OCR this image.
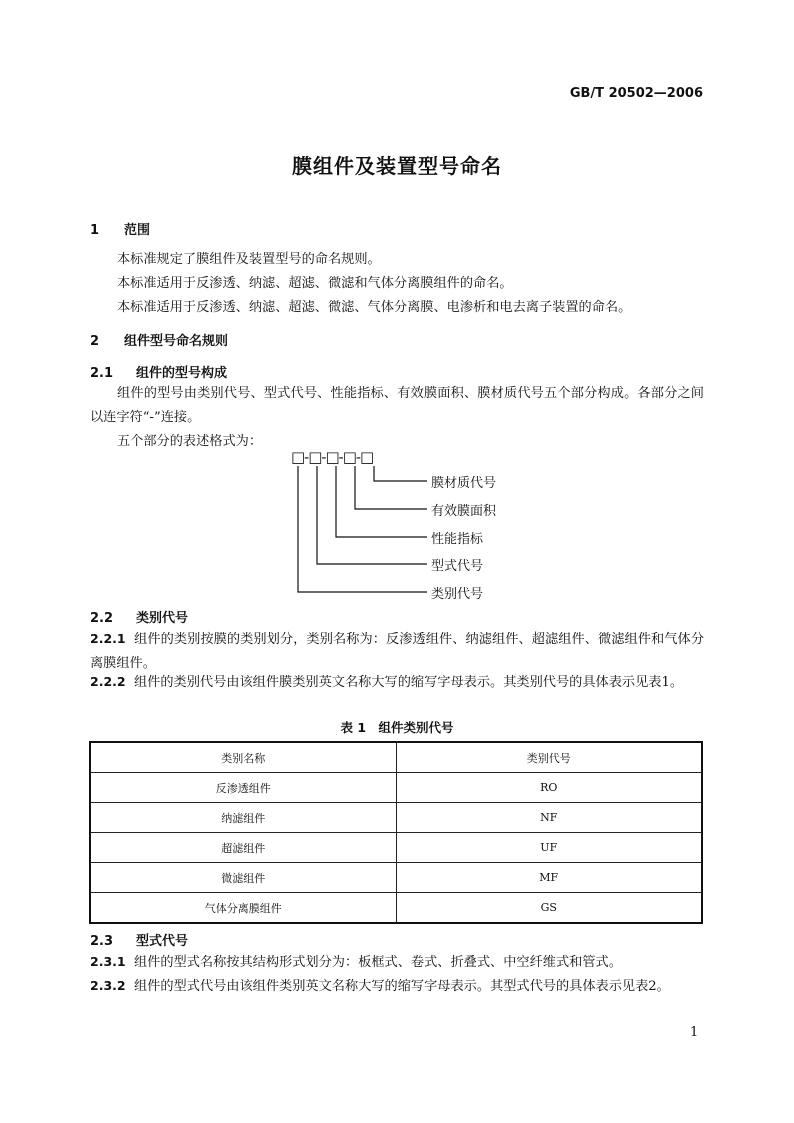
GB/T 20502—2006
膜组件及装置型号命名
1 范围
本标准规定了膜组件及装置型号的命名规则。
本标准适用于反渗透、纳滤、超滤、微滤和气体分离膜组件的命名。
本标准适用于反渗透、纳滤、超滤、微滤、气体分离膜、电渗析和电去离子装置的命名。
2 组件型号命名规则
2.1 组件的型号构成
组件的型号由类别代号、型式代号、性能指标、有效膜面积、膜材质代号五个部分构成。各部分之间以连字符“-”连接。
五个部分的表述格式为：
□-□-□-□-□
膜材质代号
有效膜面积
性能指标
型式代号
类别代号
2.2 类别代号
2.2.1 组件的类别按膜的类别划分，类别名称为：反渗透组件、纳滤组件、超滤组件、微滤组件和气体分离膜组件。
2.2.2 组件的类别代号由该组件膜类别英文名称大写的缩写字母表示。其类别代号的具体表示见表1。
表 1　组件类别代号
类别名称	类别代号
反渗透组件	RO
纳滤组件	NF
超滤组件	UF
微滤组件	MF
气体分离膜组件	GS
2.3 型式代号
2.3.1 组件的型式名称按其结构形式划分为：板框式、卷式、折叠式、中空纤维式和管式。
2.3.2 组件的型式代号由该组件类别英文名称大写的缩写字母表示。其型式代号的具体表示见表2。
1
